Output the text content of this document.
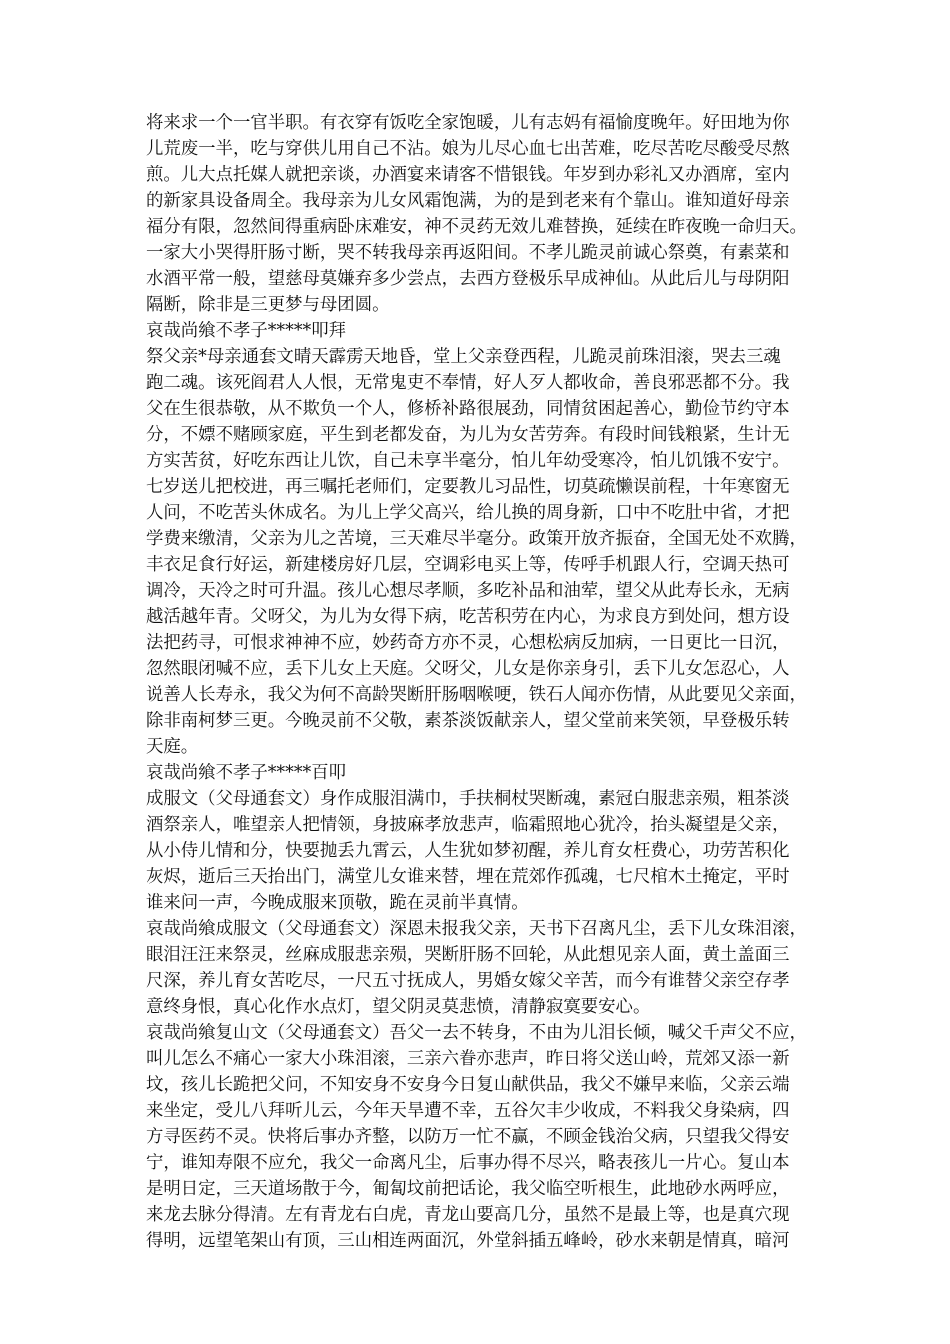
将来求一个一官半职。有衣穿有饭吃全家饱暖，儿有志妈有福愉度晚年。好田地为你
儿荒废一半，吃与穿供儿用自己不沾。娘为儿尽心血七出苦难，吃尽苦吃尽酸受尽熬
煎。儿大点托媒人就把亲谈，办酒宴来请客不惜银钱。年岁到办彩礼又办酒席，室内
的新家具设备周全。我母亲为儿女风霜饱满，为的是到老来有个靠山。谁知道好母亲
福分有限，忽然间得重病卧床难安，神不灵药无效儿难替换，延续在昨夜晚一命归天。
一家大小哭得肝肠寸断，哭不转我母亲再返阳间。不孝儿跪灵前诚心祭奠，有素菜和
水酒平常一般，望慈母莫嫌弃多少尝点，去西方登极乐早成神仙。从此后儿与母阴阳
隔断，除非是三更梦与母团圆。
哀哉尚飨不孝子*****叩拜
祭父亲*母亲通套文晴天霹雳天地昏，堂上父亲登西程，儿跪灵前珠泪滚，哭去三魂
跑二魂。该死阎君人人恨，无常鬼吏不奉情，好人歹人都收命，善良邪恶都不分。我
父在生很恭敬，从不欺负一个人，修桥补路很展劲，同情贫困起善心，勤俭节约守本
分，不嫖不赌顾家庭，平生到老都发奋，为儿为女苦劳奔。有段时间钱粮紧，生计无
方实苦贫，好吃东西让儿饮，自己未享半毫分，怕儿年幼受寒冷，怕儿饥饿不安宁。
七岁送儿把校进，再三嘱托老师们，定要教儿习品性，切莫疏懒误前程，十年寒窗无
人问，不吃苦头休成名。为儿上学父高兴，给儿换的周身新，口中不吃肚中省，才把
学费来缴清，父亲为儿之苦境，三天难尽半毫分。政策开放齐振奋，全国无处不欢腾，
丰衣足食行好运，新建楼房好几层，空调彩电买上等，传呼手机跟人行，空调天热可
调冷，天冷之时可升温。孩儿心想尽孝顺，多吃补品和油荤，望父从此寿长永，无病
越活越年青。父呀父，为儿为女得下病，吃苦积劳在内心，为求良方到处问，想方设
法把药寻，可恨求神神不应，妙药奇方亦不灵，心想松病反加病，一日更比一日沉，
忽然眼闭喊不应，丢下儿女上天庭。父呀父，儿女是你亲身引，丢下儿女怎忍心，人
说善人长寿永，我父为何不高龄哭断肝肠咽喉哽，铁石人闻亦伤情，从此要见父亲面，
除非南柯梦三更。今晚灵前不父敬，素茶淡饭献亲人，望父堂前来笑领，早登极乐转
天庭。
哀哉尚飨不孝子*****百叩
成服文（父母通套文）身作成服泪满巾，手扶桐杖哭断魂，素冠白服悲亲殒，粗茶淡
酒祭亲人，唯望亲人把情领，身披麻孝放悲声，临霜照地心犹冷，抬头凝望是父亲，
从小侍儿情和分，快要抛丢九霄云，人生犹如梦初醒，养儿育女枉费心，功劳苦积化
灰烬，逝后三天抬出门，满堂儿女谁来替，埋在荒郊作孤魂，七尺棺木土掩定，平时
谁来问一声，今晚成服来顶敬，跪在灵前半真情。
哀哉尚飨成服文（父母通套文）深恩未报我父亲，天书下召离凡尘，丢下儿女珠泪滚，
眼泪汪汪来祭灵，丝麻成服悲亲殒，哭断肝肠不回轮，从此想见亲人面，黄土盖面三
尺深，养儿育女苦吃尽，一尺五寸抚成人，男婚女嫁父辛苦，而今有谁替父亲空存孝
意终身恨，真心化作水点灯，望父阴灵莫悲愤，清静寂寞要安心。
哀哉尚飨复山文（父母通套文）吾父一去不转身，不由为儿泪长倾，喊父千声父不应，
叫儿怎么不痛心一家大小珠泪滚，三亲六眷亦悲声，昨日将父送山岭，荒郊又添一新
坟，孩儿长跪把父问，不知安身不安身今日复山献供品，我父不嫌早来临，父亲云端
来坐定，受儿八拜听儿云，今年天旱遭不幸，五谷欠丰少收成，不料我父身染病，四
方寻医药不灵。快将后事办齐整，以防万一忙不赢，不顾金钱治父病，只望我父得安
宁，谁知寿限不应允，我父一命离凡尘，后事办得不尽兴，略表孩儿一片心。复山本
是明日定，三天道场散于今，匍匐坟前把话论，我父临空听根生，此地砂水两呼应，
来龙去脉分得清。左有青龙右白虎，青龙山要高几分，虽然不是最上等，也是真穴现
得明，远望笔架山有顶，三山相连两面沉，外堂斜插五峰岭，砂水来朝是情真，暗河
